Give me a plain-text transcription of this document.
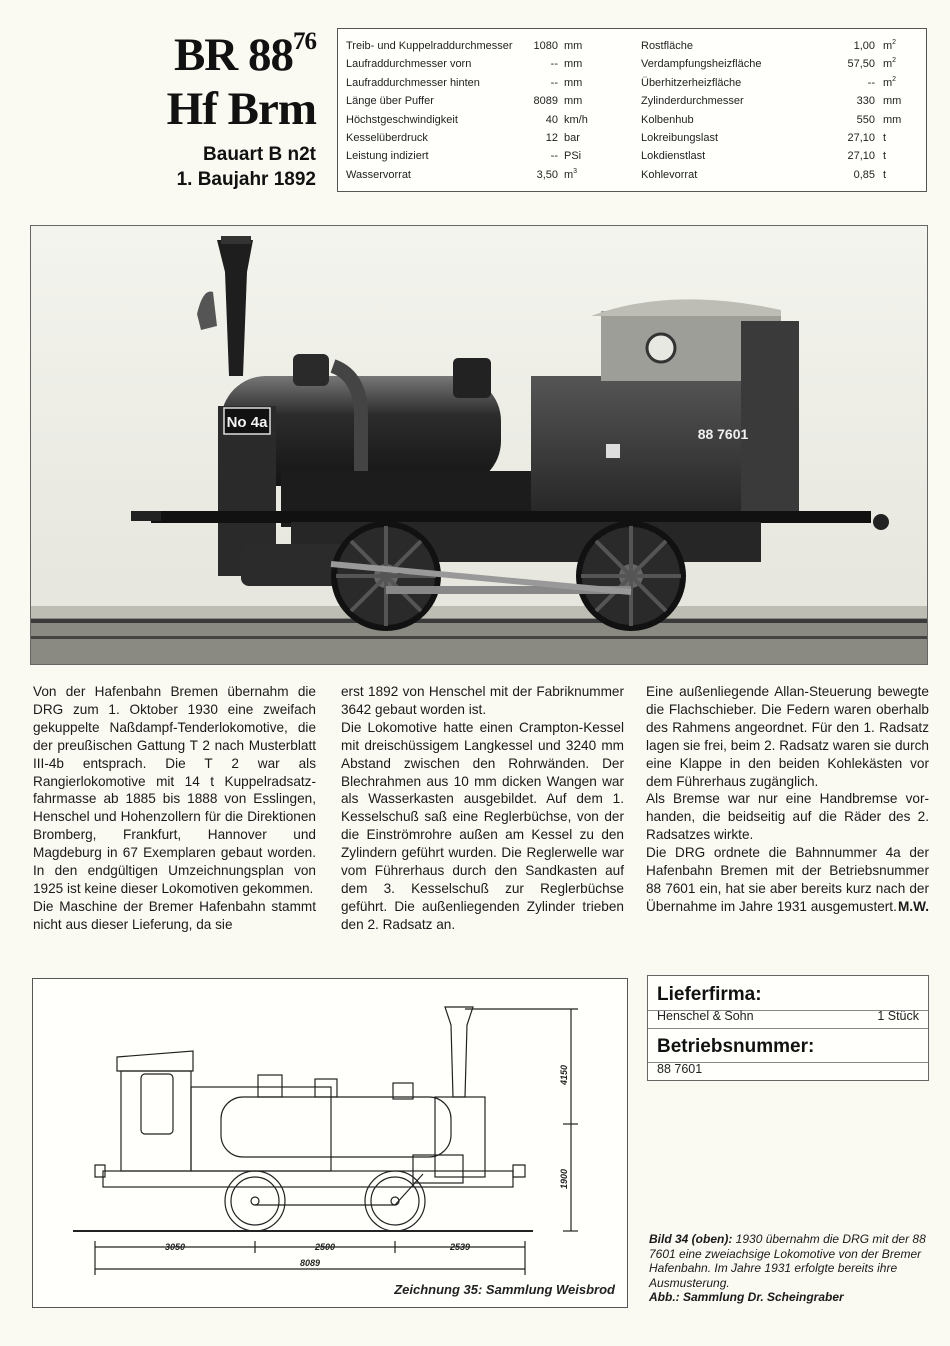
BR $88^{76}$
Hf Brm
Bauart B n2t
1. Baujahr 1892
Treib- und Kuppelraddurchmesser 1080 mm
Laufraddurchmesser vorn	-- mm
Laufraddurchmesser hinten	-- mm
Länge über Puffer	8089 mm
Höchstgeschwindigkeit	40 km/h
Kesselüberdruck	12 bar
Leistung indiziert	-- PSi
Wasservorrat	3,50 $m^3$
Rostfläche	1,00 $m^2$
Verdampfungsheizfläche	57,50 $m^2$
Überhitzerheizfläche	-- $m^2$
Zylinderdurchmesser	330 mm
Kolbenhub	550 mm
Lokreibungslast	27,10 t
Lokdienstlast	27,10 t
Kohlevorrat	0,85 t
No 4a
88 7601
Von der Hafenbahn Bremen übernahm die DRG zum 1. Oktober 1930 eine zweifach gekuppelte Naßdampf-Tenderlokomotive, die der preußischen Gattung T 2 nach Musterblatt III-4b entsprach. Die T 2 war als Rangierlokomotive mit 14 t Kuppelradsatzfahrmasse ab 1885 bis 1888 von Esslingen, Henschel und Hohenzollern für die Direktionen Bromberg, Frankfurt, Hannover und Magdeburg in 67 Exemplaren gebaut worden. In den endgültigen Umzeichnungsplan von 1925 ist keine dieser Lokomotiven gekommen.
Die Maschine der Bremer Hafenbahn stammt nicht aus dieser Lieferung, da sie
erst 1892 von Henschel mit der Fabriknummer 3642 gebaut worden ist.
Die Lokomotive hatte einen Crampton-Kessel mit dreischüssigem Langkessel und 3240 mm Abstand zwischen den Rohrwänden. Der Blechrahmen aus 10 mm dicken Wangen war als Wasserkasten ausgebildet. Auf dem 1. Kesselschuß saß eine Reglerbüchse, von der die Einströmrohre außen am Kessel zu den Zylindern geführt wurden. Die Reglerwelle war vom Führerhaus durch den Sandkasten auf dem 3. Kesselschuß zur Reglerbüchse geführt. Die außenliegenden Zylinder trieben den 2. Radsatz an.
Eine außenliegende Allan-Steuerung bewegte die Flachschieber. Die Federn waren oberhalb des Rahmens angeordnet. Für den 1. Radsatz lagen sie frei, beim 2. Radsatz waren sie durch eine Klappe in den beiden Kohlekästen vor dem Führerhaus zugänglich.
Als Bremse war nur eine Handbremse vorhanden, die beidseitig auf die Räder des 2. Radsatzes wirkte.
Die DRG ordnete die Bahnnummer 4a der Hafenbahn Bremen mit der Betriebsnummer 88 7601 ein, hat sie aber bereits kurz nach der Übernahme im Jahre 1931 ausgemustert. M.W.
3050	2500	2539
8089
4150
1900
Zeichnung 35: Sammlung Weisbrod
Lieferfirma:
Henschel & Sohn	1 Stück
Betriebsnummer:
88 7601
Bild 34 (oben): 1930 übernahm die DRG mit der 88 7601 eine zweiachsige Lokomotive von der Bremer Hafenbahn. Im Jahre 1931 erfolgte bereits ihre Ausmusterung.
Abb.: Sammlung Dr. Scheingraber
